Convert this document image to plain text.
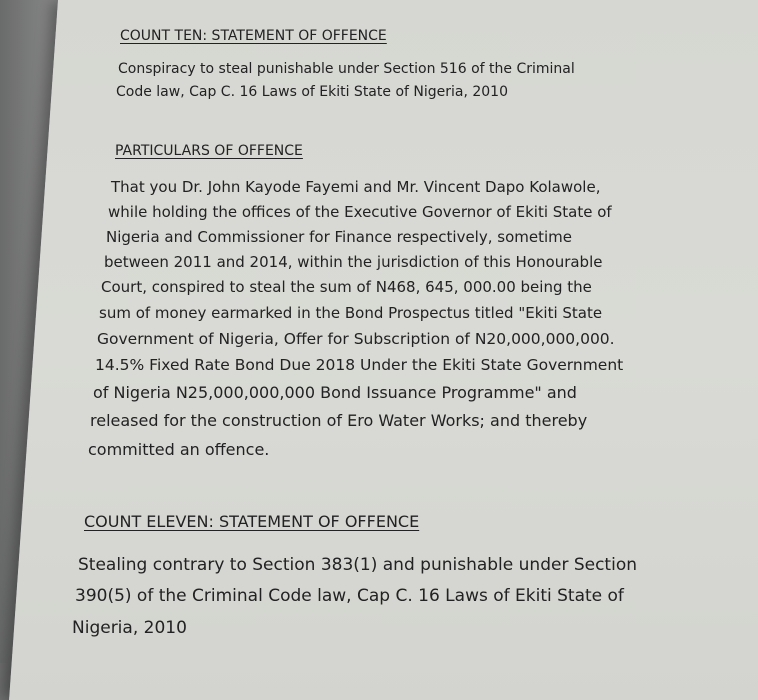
COUNT TEN: STATEMENT OF OFFENCE
Conspiracy to steal punishable under Section 516 of the Criminal
Code law, Cap C. 16 Laws of Ekiti State of Nigeria, 2010
PARTICULARS OF OFFENCE
That you Dr. John Kayode Fayemi and Mr. Vincent Dapo Kolawole,
while holding the offices of the Executive Governor of Ekiti State of
Nigeria and Commissioner for Finance respectively, sometime
between 2011 and 2014, within the jurisdiction of this Honourable
Court, conspired to steal the sum of N468, 645, 000.00 being the
sum of money earmarked in the Bond Prospectus titled "Ekiti State
Government of Nigeria, Offer for Subscription of N20,000,000,000.
14.5% Fixed Rate Bond Due 2018 Under the Ekiti State Government
of Nigeria N25,000,000,000 Bond Issuance Programme" and
released for the construction of Ero Water Works; and thereby
committed an offence.
COUNT ELEVEN: STATEMENT OF OFFENCE
Stealing contrary to Section 383(1) and punishable under Section
390(5) of the Criminal Code law, Cap C. 16 Laws of Ekiti State of
Nigeria, 2010
